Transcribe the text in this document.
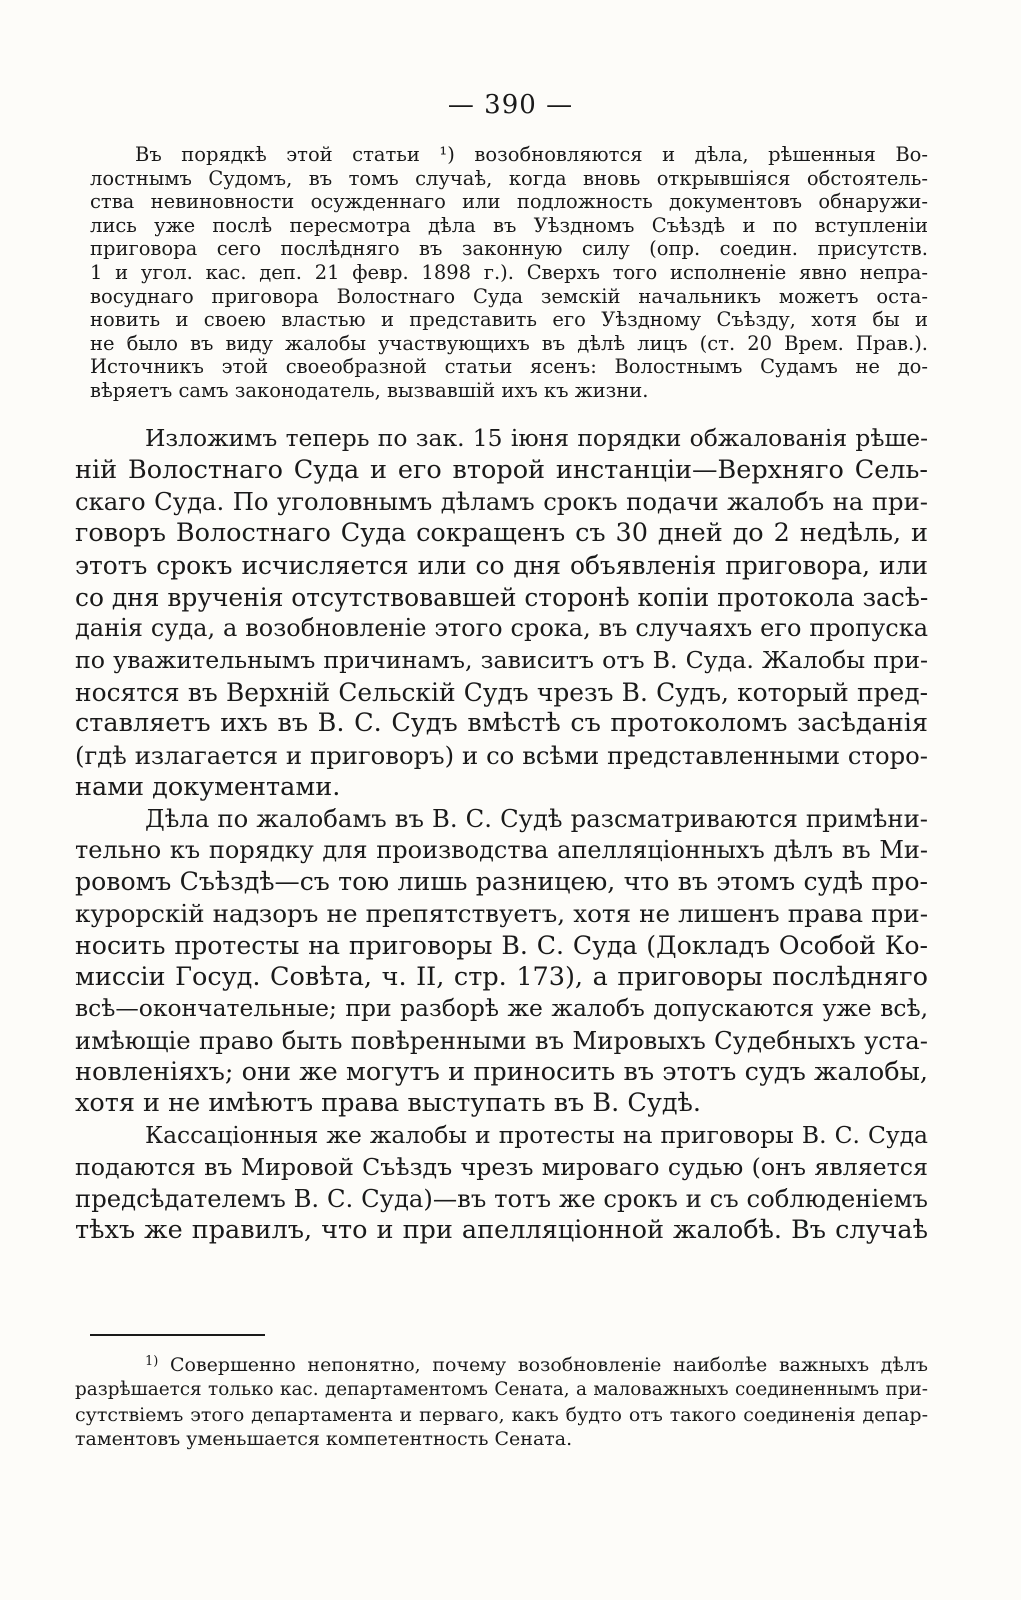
— 390 —
Въ порядкѣ этой статьи ¹) возобновляются и дѣла, рѣшенныя Во-
лостнымъ Судомъ, въ томъ случаѣ, когда вновь открывшіяся обстоятель-
ства невиновности осужденнаго или подложность документовъ обнаружи-
лись уже послѣ пересмотра дѣла въ Уѣздномъ Съѣздѣ и по вступленіи
приговора сего послѣдняго въ законную силу (опр. соедин. присутств.
1 и угол. кас. деп. 21 февр. 1898 г.). Сверхъ того исполненіе явно непра-
восуднаго приговора Волостнаго Суда земскій начальникъ можетъ оста-
новить и своею властью и представить его Уѣздному Съѣзду, хотя бы и
не было въ виду жалобы участвующихъ въ дѣлѣ лицъ (ст. 20 Врем. Прав.).
Источникъ этой своеобразной статьи ясенъ: Волостнымъ Судамъ не до-
вѣряетъ самъ законодатель, вызвавшій ихъ къ жизни.
Изложимъ теперь по зак. 15 іюня порядки обжалованія рѣше-
ній Волостнаго Суда и его второй инстанціи—Верхняго Сель-
скаго Суда. По уголовнымъ дѣламъ срокъ подачи жалобъ на при-
говоръ Волостнаго Суда сокращенъ съ 30 дней до 2 недѣль, и
этотъ срокъ исчисляется или со дня объявленія приговора, или
со дня врученія отсутствовавшей сторонѣ копіи протокола засѣ-
данія суда, а возобновленіе этого срока, въ случаяхъ его пропуска
по уважительнымъ причинамъ, зависитъ отъ В. Суда. Жалобы при-
носятся въ Верхній Сельскій Судъ чрезъ В. Судъ, который пред-
ставляетъ ихъ въ В. С. Судъ вмѣстѣ съ протоколомъ засѣданія
(гдѣ излагается и приговоръ) и со всѣми представленными сторо-
нами документами.
Дѣла по жалобамъ въ В. С. Судѣ разсматриваются примѣни-
тельно къ порядку для производства апелляціонныхъ дѣлъ въ Ми-
ровомъ Съѣздѣ—съ тою лишь разницею, что въ этомъ судѣ про-
курорскій надзоръ не препятствуетъ, хотя не лишенъ права при-
носить протесты на приговоры В. С. Суда (Докладъ Особой Ко-
миссіи Госуд. Совѣта, ч. II, стр. 173), а приговоры послѣдняго
всѣ—окончательные; при разборѣ же жалобъ допускаются уже всѣ,
имѣющіе право быть повѣренными въ Мировыхъ Судебныхъ уста-
новленіяхъ; они же могутъ и приносить въ этотъ судъ жалобы,
хотя и не имѣютъ права выступать въ В. Судѣ.
Кассаціонныя же жалобы и протесты на приговоры В. С. Суда
подаются въ Мировой Съѣздъ чрезъ мироваго судью (онъ является
предсѣдателемъ В. С. Суда)—въ тотъ же срокъ и съ соблюденіемъ
тѣхъ же правилъ, что и при апелляціонной жалобѣ. Въ случаѣ
$^{1)}$ Совершенно непонятно, почему возобновленіе наиболѣе важныхъ дѣлъ
разрѣшается только кас. департаментомъ Сената, а маловажныхъ соединеннымъ при-
сутствіемъ этого департамента и перваго, какъ будто отъ такого соединенія депар-
таментовъ уменьшается компетентность Сената.
